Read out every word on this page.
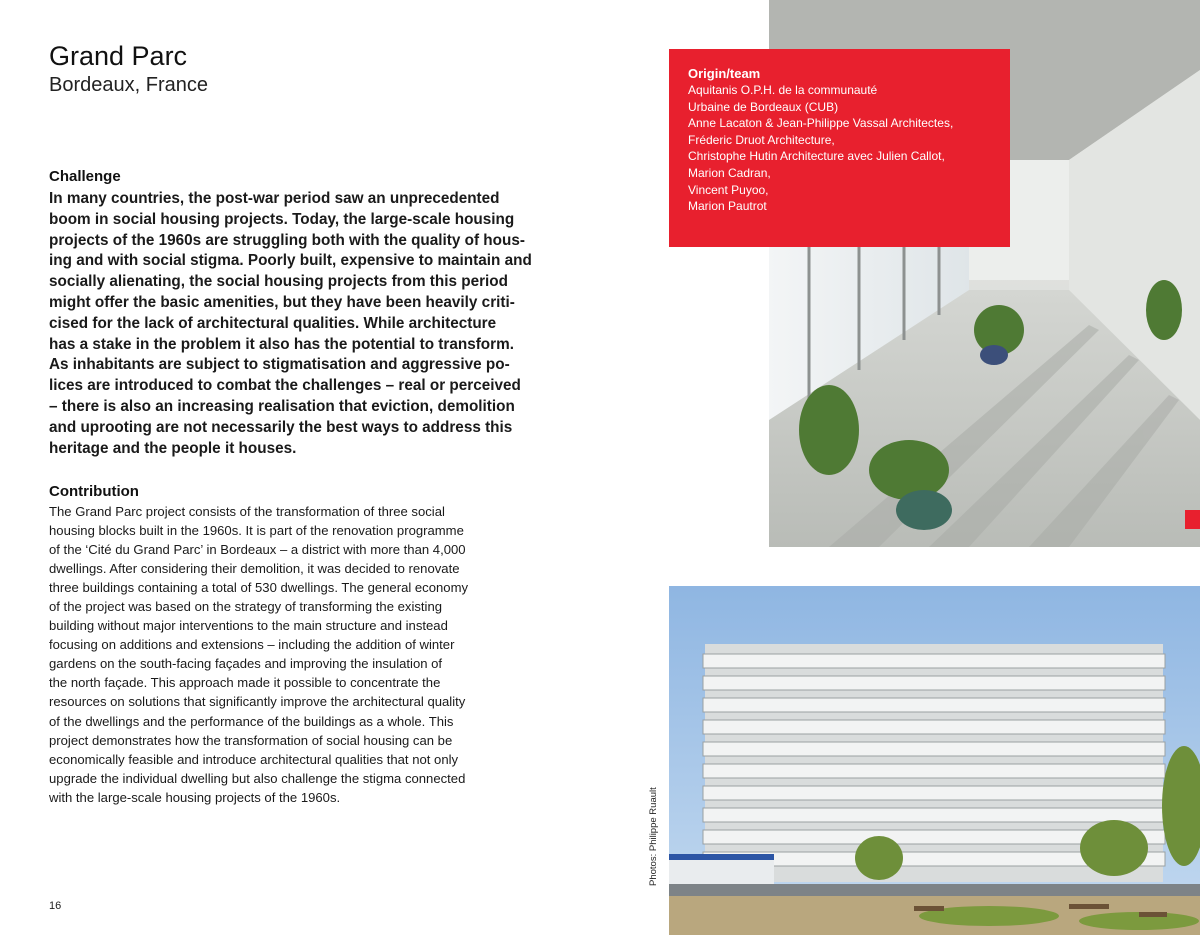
Grand Parc
Bordeaux, France
Challenge
In many countries, the post-war period saw an unprecedented
boom in social housing projects. Today, the large-scale housing
projects of the 1960s are struggling both with the quality of hous-
ing and with social stigma. Poorly built, expensive to maintain and
socially alienating, the social housing projects from this period
might offer the basic amenities, but they have been heavily criti-
cised for the lack of architectural qualities. While architecture
has a stake in the problem it also has the potential to transform.
As inhabitants are subject to stigmatisation and aggressive po-
lices are introduced to combat the challenges – real or perceived
– there is also an increasing realisation that eviction, demolition
and uprooting are not necessarily the best ways to address this
heritage and the people it houses.
Contribution
The Grand Parc project consists of the transformation of three social
housing blocks built in the 1960s. It is part of the renovation programme
of the ‘Cité du Grand Parc’ in Bordeaux – a district with more than 4,000
dwellings. After considering their demolition, it was decided to renovate
three buildings containing a total of 530 dwellings. The general economy
of the project was based on the strategy of transforming the existing
building without major interventions to the main structure and instead
focusing on additions and extensions – including the addition of winter
gardens on the south-facing façades and improving the insulation of
the north façade. This approach made it possible to concentrate the
resources on solutions that significantly improve the architectural quality
of the dwellings and the performance of the buildings as a whole. This
project demonstrates how the transformation of social housing can be
economically feasible and introduce architectural qualities that not only
upgrade the individual dwelling but also challenge the stigma connected
with the large-scale housing projects of the 1960s.
16
Origin/team
Aquitanis O.P.H. de la communauté
Urbaine de Bordeaux (CUB)
Anne Lacaton & Jean-Philippe Vassal Architectes,
Fréderic Druot Architecture,
Christophe Hutin Architecture avec Julien Callot,
Marion Cadran,
Vincent Puyoo,
Marion Pautrot
Photos: Philippe Ruault
